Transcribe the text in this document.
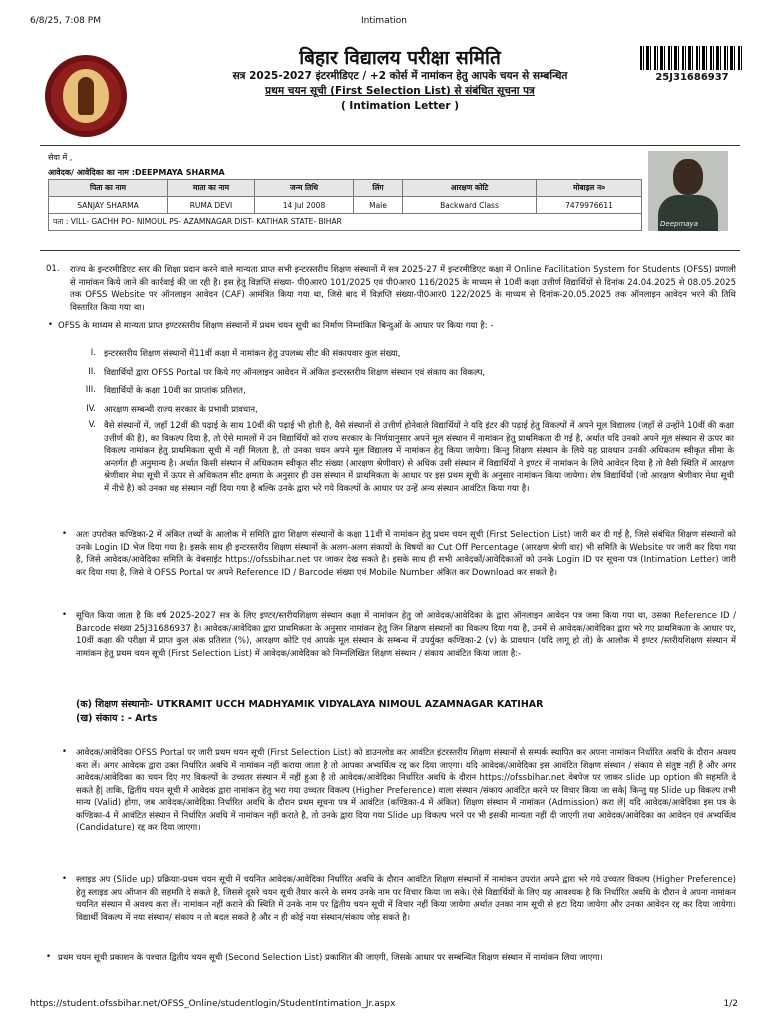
6/8/25, 7:08 PM	Intimation
बिहार विद्यालय परीक्षा समिति
सत्र 2025-2027 इंटरमीडिएट / +2 कोर्स में नामांकन हेतु आपके चयन से सम्बन्धित
प्रथम चयन सूची (First Selection List) से संबंधित सूचना पत्र
( Intimation Letter )
25J31686937
सेवा में ,
आवेदक/ आवेदिका का नाम :DEEPMAYA SHARMA
पिता का नाम	माता का नाम	जन्म तिथि	लिंग	आरक्षण कोटि	मोबाइल न०
SANJAY SHARMA	RUMA DEVI	14 Jul 2008	Male	Backward Class	7479976611
पता : VILL- GACHH PO- NIMOUL PS- AZAMNAGAR DIST- KATIHAR STATE- BIHAR						Deepmaya
01. राज्य के इन्टरमीडिएट स्तर की शिक्षा प्रदान करने वाले मान्यता प्राप्त सभी इन्टरस्तरीय शिक्षण संस्थानों में सत्र 2025-27 में इन्टरमीडिएट कक्षा में Online Facilitation System for Students (OFSS) प्रणाली से नामांकन किये जाने की कार्रवाई की जा रही है। इस हेतु विज्ञप्ति संख्या- पी0आर0 101/2025 एवं पी0आर0 116/2025 के माध्यम से 10वीं कक्षा उत्तीर्ण विद्यार्थियों से दिनांक 24.04.2025 से 08.05.2025 तक OFSS Website पर ऑनलाइन आवेदन (CAF) आमंत्रित किया गया था, जिसे बाद में विज्ञप्ति संख्या-पी0आर0 122/2025 के माध्यम से दिनांक-20.05.2025 तक ऑनलाइन आवेदन भरने की तिथि विस्तारित किया गया था।
• OFSS के माध्यम से मान्यता प्राप्त इण्टरस्तरीय शिक्षण संस्थानों में प्रथम चयन सूची का निर्माण निम्नांकित बिन्दुओं के आधार पर किया गया है: -
I. इन्टरस्तरीय शिक्षण संस्थानों में11वीं कक्षा में नामांकन हेतु उपलब्ध सीट की संकायवार कुल संख्या,
II. विद्यार्थियों द्वारा OFSS Portal पर किये गए ऑनलाइन आवेदन में अंकित इन्टरस्तरीय शिक्षण संस्थान एवं संकाय का विकल्प,
III. विद्यार्थियों के कक्षा 10वीं का प्राप्तांक प्रतिशत,
IV. आरक्षण सम्बन्धी राज्य सरकार के प्रभावी प्रावधान,
V. वैसे संस्थानों में, जहाँ 12वीं की पढ़ाई के साथ 10वीं की पढ़ाई भी होती है, वैसे संस्थानों से उत्तीर्ण होनेवाले विद्यार्थियों ने यदि इंटर की पढ़ाई हेतु विकल्पों में अपने मूल विद्यालय (जहाँ से उन्होंने 10वीं की कक्षा उत्तीर्ण की है), का विकल्प दिया है, तो ऐसे मामलों में उन विद्यार्थियों को राज्य सरकार के निर्णयानुसार अपने मूल संस्थान में नामांकन हेतु प्राथमिकता दी गई है, अर्थात यदि उनको अपने मूल संस्थान से ऊपर का विकल्प नामांकन हेतु प्राथमिकता सूची में नहीं मिलता है, तो उनका चयन अपने मूल विद्यालय में नामांकन हेतु किया जायेगा। किन्तु शिक्षण संस्थान के लिये यह प्रावधान उनकी अधिकतम स्वीकृत सीमा के अन्तर्गत ही अनुमान्य है। अर्थात किसी संस्थान में अधिकतम स्वीकृत सीट संख्या (आरक्षण श्रेणीवार) से अधिक उसी संस्थान में विद्यार्थियों ने इण्टर में नामांकन के लिये आवेदन दिया है तो वैसी स्थिति में आरक्षण श्रेणीवार मेधा सूची में ऊपर से अधिकतम सीट क्षमता के अनुसार ही उस संस्थान में प्राथमिकता के आधार पर इस प्रथम सूची के अनुसार नामांकन किया जायेगा। शेष विद्यार्थियों (जो आरक्षण श्रेणीवार मेधा सूची में नीचे है) को उनका वह संस्थान नहीं दिया गया है बल्कि उनके द्वारा भरे गये विकल्पों के आधार पर उन्हें अन्य संस्थान आवंटित किया गया है।
• अतः उपरोक्त कण्डिका-2 में अंकित तथ्यों के आलोक में समिति द्वारा शिक्षण संस्थानों के कक्षा 11वीं में नामांकन हेतु प्रथम चयन सूची (First Selection List) जारी कर दी गई है, जिसे संबंधित शिक्षण संस्थानों को उनके Login ID भेज दिया गया है। इसके साथ ही इन्टरस्तरीय शिक्षण संस्थानों के अलग-अलग संकायों के विषयों का Cut Off Percentage (आरक्षण श्रेणी वार) भी समिति के Website पर जारी कर दिया गया है, जिसे आवेदक/आवेदिका समिति के वेबसाईट https://ofssbihar.net पर जाकर देख सकते है। इसके साथ ही सभी आवेदकों/आवेदिकाओं को उनके Login ID पर सूचना पत्र (Intimation Letter) जारी कर दिया गया है, जिसे वे OFSS Portal पर अपने Reference ID / Barcode संख्या एवं Mobile Number अंकित कर Download कर सकते है।
• सूचित किया जाता है कि वर्ष 2025-2027 सत्र के लिए इण्टर/स्तरीयशिक्षण संस्थान कक्षा में नामांकन हेतु जो आवेदक/आवेदिका के द्वारा ऑनलाइन आवेदन पत्र जमा किया गया था, उसका Reference ID / Barcode संख्या 25J31686937 है। आवेदक/आवेदिका द्वारा प्राथमिकता के अनुसार नामांकन हेतु जिन शिक्षण संस्थानों का विकल्प दिया गया है, उनमें से आवेदक/आवेदिका द्वारा भरे गए प्राथमिकता के आधार पर, 10वीं कक्षा की परीक्षा में प्राप्त कुल अंक प्रतिशत (%), आरक्षण कोटि एवं आपके मूल संस्थान के सम्बन्ध में उपर्युक्त कण्डिका-2 (v) के प्रावधान (यदि लागू हो तो) के आलोक में इण्टर /स्तरीयशिक्षण संस्थान में नामांकन हेतु प्रथम चयन सूची (First Selection List) में आवेदक/आवेदिका को निम्नलिखित शिक्षण संस्थान / संकाय आवंटित किया जाता है:-
(क) शिक्षण संस्थानोः- UTKRAMIT UCCH MADHYAMIK VIDYALAYA NIMOUL AZAMNAGAR KATIHAR
(ख) संकाय : - Arts
• आवेदक/आवेदिका OFSS Portal पर जारी प्रथम चयन सूची (First Selection List) को डाउनलोड कर आवंटित इंटरस्तरीय शिक्षण संस्थानों से सम्पर्क स्थापित कर अपना नामांकन निर्धारित अवधि के दौरान अवश्य करा लें। अगर आवेदक द्वारा उक्त निर्धारित अवधि में नामांकन नहीं कराया जाता है तो आपका अभ्यर्थित्व रद्द कर दिया जाएगा। यदि आवेदक/आवेदिका इस आवंटित शिक्षण संस्थान / संकाय से संतुष्ट नहीं है और अगर आवेदक/आवेदिका का चयन दिए गए विकल्पों के उच्चतर संस्थान में नहीं हुआ है तो आवेदक/आवेदिका निर्धारित अवधि के दौरान https://ofssbihar.net वेबपेज पर जाकर slide up option की सहमति दे सकते है| ताकि, द्वितीय चयन सूची में आवेदक द्वारा नामांकन हेतु भरा गया उच्चतर विकल्प (Higher Preference) वाला संस्थान /संकाय आवंटित करने पर विचार किया जा सके| किन्तु यह Slide up विकल्प तभी मान्य (Valid) होगा, जब आवेदक/आवेदिका निर्धारित अवधि के दौरान प्रथम सूचना पत्र में आवंटित (कण्डिका-4 में अंकित) शिक्षण संस्थान में नामांकन (Admission) करा लें| यदि आवेदक/आवेदिका इस पत्र के कण्डिका-4 में आवंटित संस्थान में निर्धारित अवधि में नामांकन नहीं कराते है, तो उनके द्वारा दिया गया Slide up विकल्प भरने पर भी इसकी मान्यता नहीं दी जाएगी तथा आवेदक/आवेदिका का आवेदन एवं अभ्यर्थित्व (Candidature) रद्द कर दिया जाएगा।
• स्लाइड अप (Slide up) प्रक्रियाः-प्रथम चयन सूची में चयनित आवेदक/आवेदिका निर्धारित अवधि के दौरान आवंटित शिक्षण संस्थानों में नामांकन उपरांत अपने द्वारा भरे गये उच्चतर विकल्प (Higher Preference) हेतु स्लाइड अप ऑप्शन की सहमति दे सकते है, जिससे दूसरे चयन सूची तैयार करने के समय उनके नाम पर विचार किया जा सके। ऐसे विद्यार्थियों के लिए यह आवश्यक है कि निर्धारित अवधि के दौरान वे अपना नामांकन चयनित संस्थान में अवश्य करा लें। नामांकन नहीं कराने की स्थिति में उनके नाम पर द्वितीय चयन सूची में विचार नहीं किया जायेगा अर्थात उनका नाम सूची से हटा दिया जायेगा और उनका आवेदन रद्द कर दिया जायेगा। विद्यार्थी विकल्प में नया संस्थान/ संकाय न तो बदल सकते है और न ही कोई नया संस्थान/संकाय जोड़ सकते है।
• प्रथम चयन सूची प्रकाशन के पश्चात द्वितीय चयन सूची (Second Selection List) प्रकाशित की जाएगी, जिसके आधार पर सम्बन्धित शिक्षण संस्थान में नामांकन लिया जाएगा।
https://student.ofssbihar.net/OFSS_Online/studentlogin/StudentIntimation_Jr.aspx	1/2
